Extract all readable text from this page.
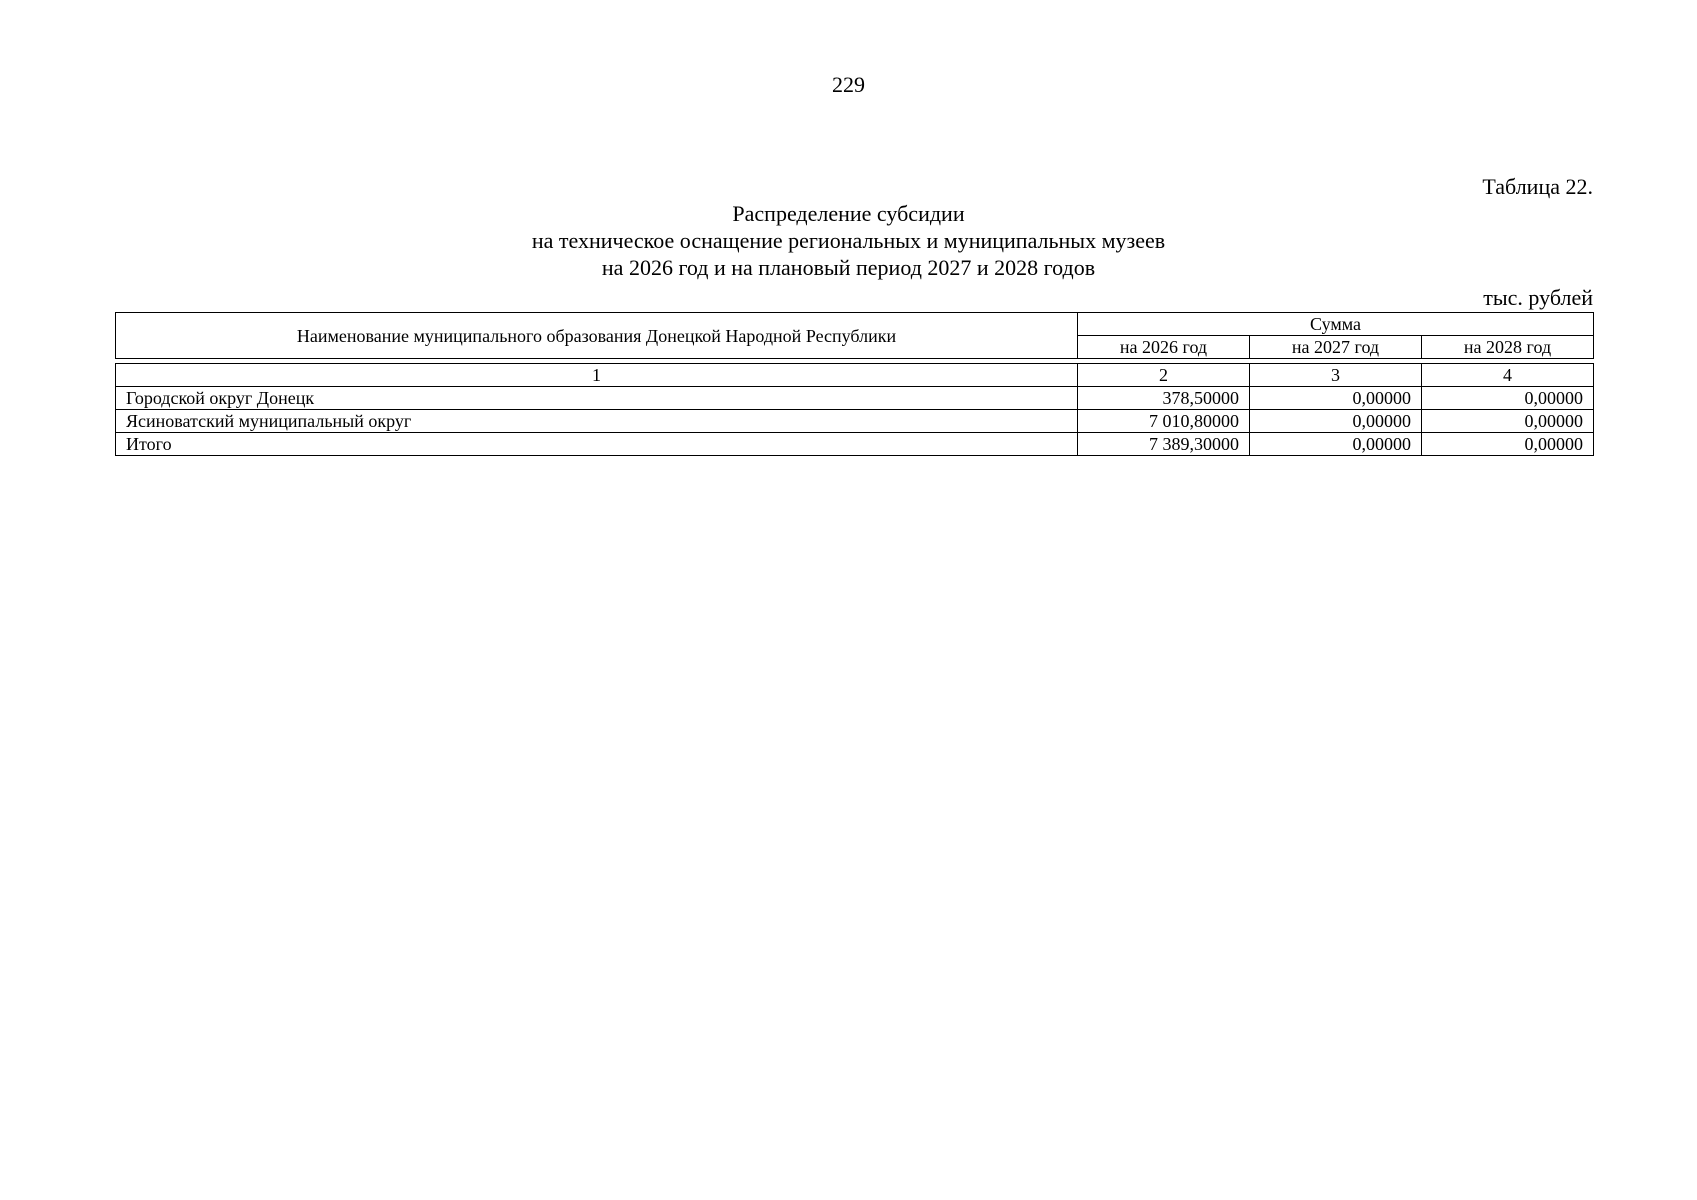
229
Таблица 22.
Распределение субсидии
на техническое оснащение региональных и муниципальных музеев
на 2026 год и на плановый период 2027 и 2028 годов
тыс. рублей
Наименование муниципального образования Донецкой Народной Республики	Сумма		
	на 2026 год	на 2027 год	на 2028 год
1	2	3	4
Городской округ Донецк	378,50000	0,00000	0,00000
Ясиноватский муниципальный округ	7 010,80000	0,00000	0,00000
Итого	7 389,30000	0,00000	0,00000
